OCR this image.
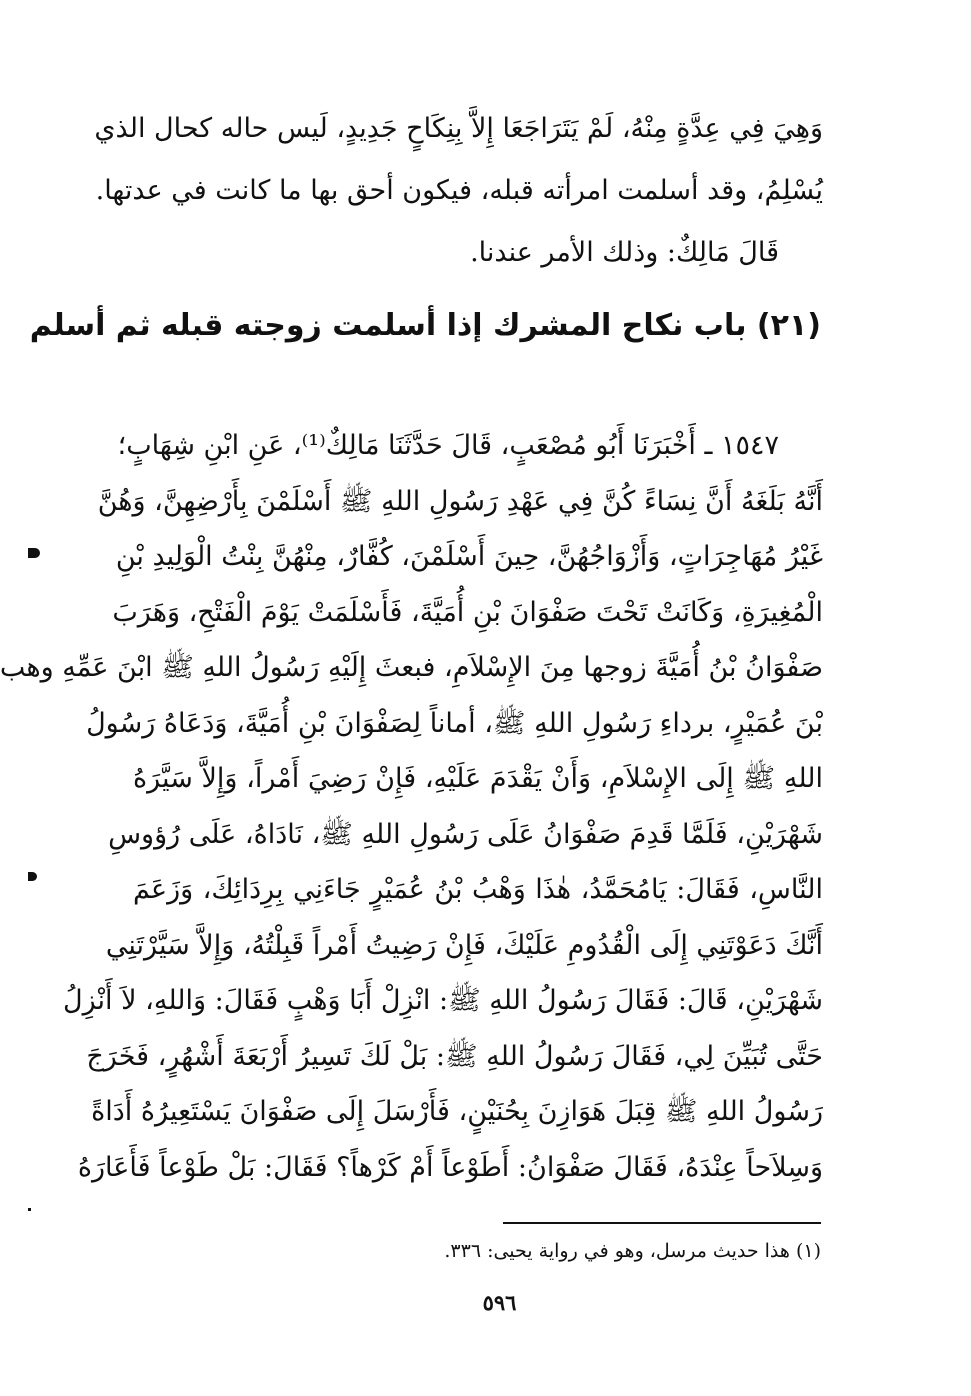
وَهِيَ فِي عِدَّةٍ مِنْهُ، لَمْ يَتَرَاجَعَا إِلاَّ بِنِكَاحٍ جَدِيدٍ، لَيس حاله كحال الذي
يُسْلِمُ، وقد أسلمت امرأته قبله، فيكون أحق بها ما كانت في عدتها.
قَالَ مَالِكٌ: وذلك الأمر عندنا.
(٢١) باب نكاح المشرك إذا أسلمت زوجته قبله ثم أسلم
١٥٤٧ ـ أَخْبَرَنَا أَبُو مُصْعَبٍ، قَالَ حَدَّثَنَا مَالِكٌ⁽¹⁾، عَنِ ابْنِ شِهَابٍ؛
أَنَّهُ بَلَغَهُ أَنَّ نِسَاءً كُنَّ فِي عَهْدِ رَسُولِ اللهِ ﷺ أَسْلَمْنَ بِأَرْضِهِنَّ، وَهُنَّ
غَيْرُ مُهَاجِرَاتٍ، وَأَزْوَاجُهُنَّ، حِينَ أَسْلَمْنَ، كُفَّارٌ، مِنْهُنَّ بِنْتُ الْوَلِيدِ بْنِ
الْمُغِيرَةِ، وَكَانَتْ تَحْتَ صَفْوَانَ بْنِ أُمَيَّةَ، فَأَسْلَمَتْ يَوْمَ الْفَتْحِ، وَهَرَبَ
صَفْوَانُ بْنُ أُمَيَّةَ زوجها مِنَ الإِسْلاَمِ، فبعثَ إِلَيْهِ رَسُولُ اللهِ ﷺ ابْنَ عَمِّهِ وهب
بْنَ عُمَيْرٍ، برداءِ رَسُولِ اللهِ ﷺ، أماناً لِصَفْوَانَ بْنِ أُمَيَّةَ، وَدَعَاهُ رَسُولُ
اللهِ ﷺ إِلَى الإِسْلاَمِ، وَأَنْ يَقْدَمَ عَلَيْهِ، فَإِنْ رَضِيَ أَمْراً، وَإِلاَّ سَيَّرَهُ
شَهْرَيْنِ، فَلَمَّا قَدِمَ صَفْوَانُ عَلَى رَسُولِ اللهِ ﷺ، نَادَاهُ، عَلَى رُؤوسِ
النَّاسِ، فَقَالَ: يَامُحَمَّدُ، هٰذَا وَهْبُ بْنُ عُمَيْرٍ جَاءَنِي بِرِدَائِكَ، وَزَعَمَ
أَنَّكَ دَعَوْتَنِي إِلَى الْقُدُومِ عَلَيْكَ، فَإِنْ رَضِيتُ أَمْراً قَبِلْتُهُ، وَإِلاَّ سَيَّرْتَنِي
شَهْرَيْنِ، قَالَ: فَقَالَ رَسُولُ اللهِ ﷺ: انْزِلْ أَبَا وَهْبٍ فَقَالَ: وَاللهِ، لاَ أَنْزِلُ
حَتَّى تُبَيِّنَ لِي، فَقَالَ رَسُولُ اللهِ ﷺ: بَلْ لَكَ تَسِيرُ أَرْبَعَةَ أَشْهُرٍ، فَخَرَجَ
رَسُولُ اللهِ ﷺ قِبَلَ هَوَازِنَ بِحُنَيْنٍ، فَأَرْسَلَ إِلَى صَفْوَانَ يَسْتَعِيرُهُ أَدَاةً
وَسِلاَحاً عِنْدَهُ، فَقَالَ صَفْوَانُ: أَطَوْعاً أَمْ كَرْهاً؟ فَقَالَ: بَلْ طَوْعاً فَأَعَارَهُ
(١) هذا حديث مرسل، وهو في رواية يحيى: ٣٣٦.
٥٩٦
